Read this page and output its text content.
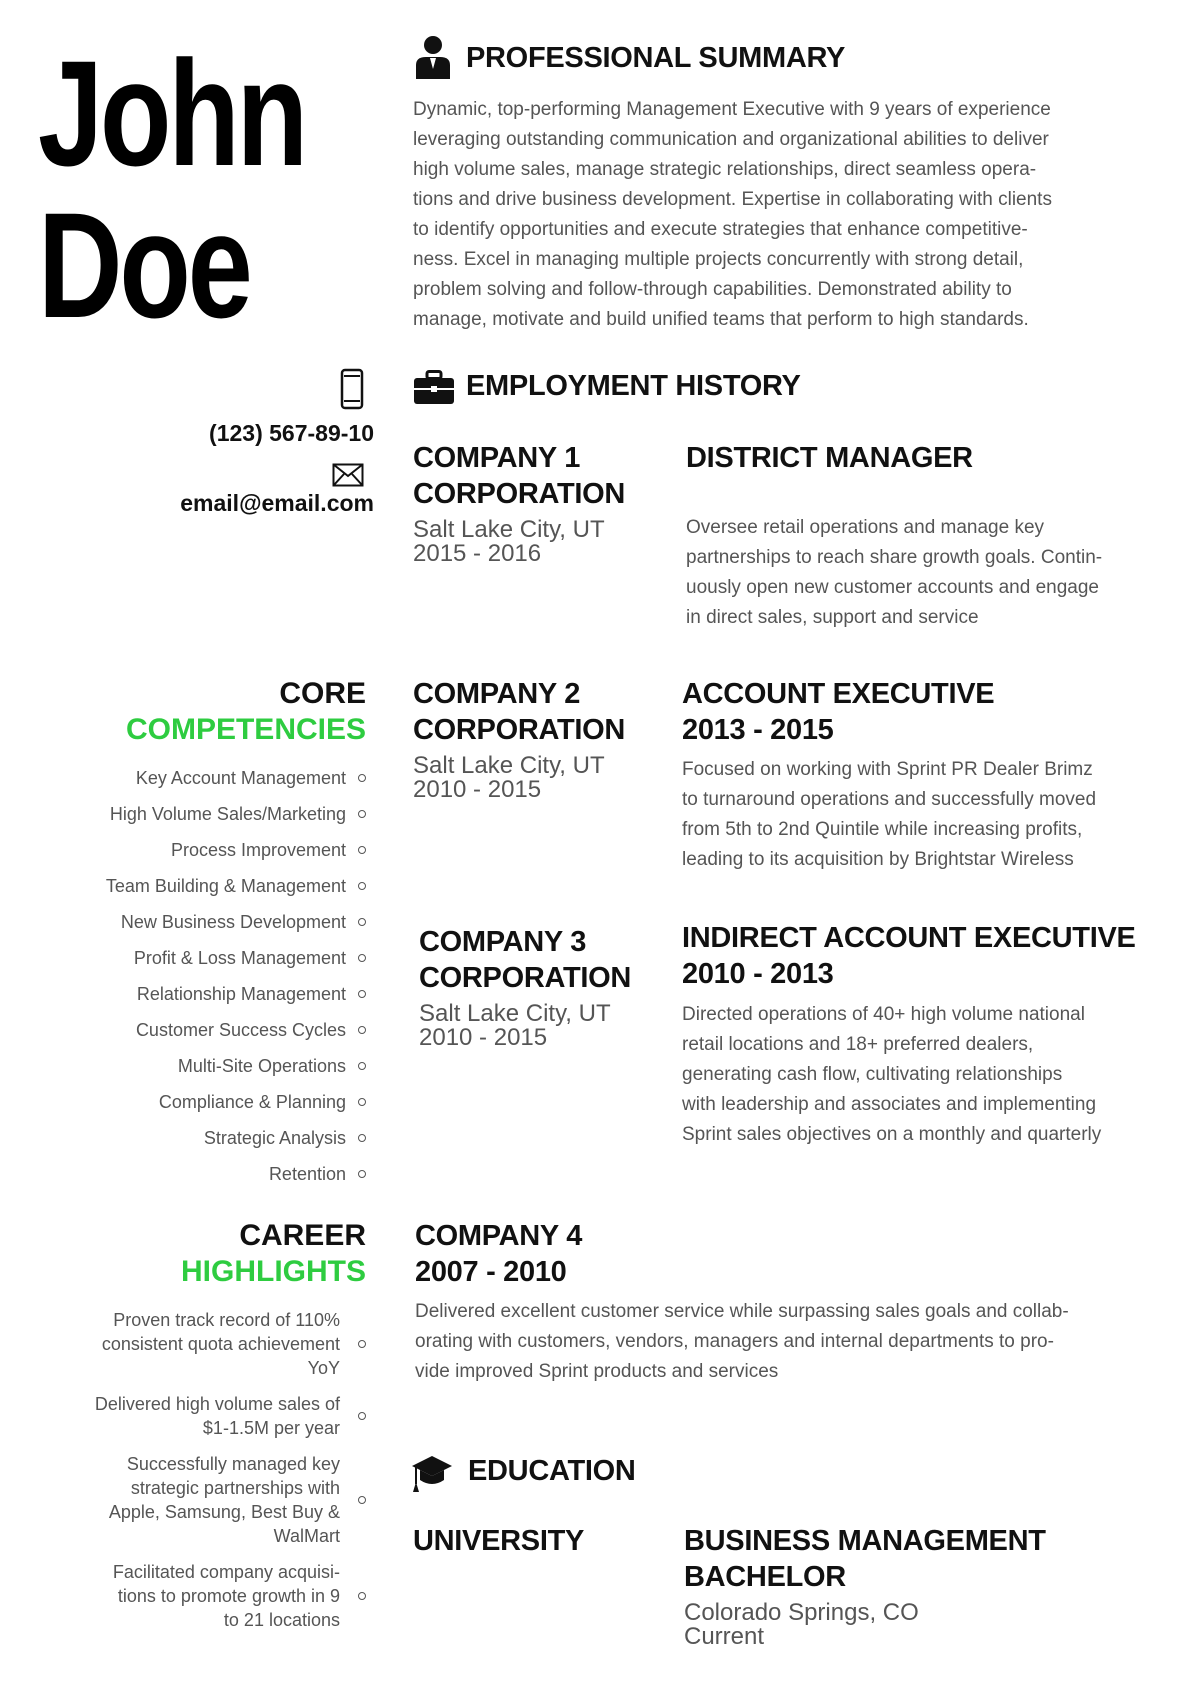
John
Doe
(123) 567-89-10
email@email.com
PROFESSIONAL SUMMARY
Dynamic, top-performing Management Executive with 9 years of experience
leveraging outstanding communication and organizational abilities to deliver
high volume sales, manage strategic relationships, direct seamless opera-
tions and drive business development. Expertise in collaborating with clients
to identify opportunities and execute strategies that enhance competitive-
ness. Excel in managing multiple projects concurrently with strong detail,
problem solving and follow-through capabilities. Demonstrated ability to
manage, motivate and build unified teams that perform to high standards.
EMPLOYMENT HISTORY
COMPANY 1
CORPORATION
Salt Lake City, UT
2015 - 2016
DISTRICT MANAGER
Oversee retail operations and manage key
partnerships to reach share growth goals. Contin-
uously open new customer accounts and engage
in direct sales, support and service
COMPANY 2
CORPORATION
Salt Lake City, UT
2010 - 2015
ACCOUNT EXECUTIVE
2013 - 2015
Focused on working with Sprint PR Dealer Brimz
to turnaround operations and successfully moved
from 5th to 2nd Quintile while increasing profits,
leading to its acquisition by Brightstar Wireless
COMPANY 3
CORPORATION
Salt Lake City, UT
2010 - 2015
INDIRECT ACCOUNT EXECUTIVE
2010 - 2013
Directed operations of 40+ high volume national
retail locations and 18+ preferred dealers,
generating cash flow, cultivating relationships
with leadership and associates and implementing
Sprint sales objectives on a monthly and quarterly
COMPANY 4
2007 - 2010
Delivered excellent customer service while surpassing sales goals and collab-
orating with customers, vendors, managers and internal departments to pro-
vide improved Sprint products and services
CORE
COMPETENCIES
Key Account Management
High Volume Sales/Marketing
Process Improvement
Team Building & Management
New Business Development
Profit & Loss Management
Relationship Management
Customer Success Cycles
Multi-Site Operations
Compliance & Planning
Strategic Analysis
Retention
CAREER
HIGHLIGHTS
Proven track record of 110%
consistent quota achievement
YoY
Delivered high volume sales of
$1-1.5M per year
Successfully managed key
strategic partnerships with
Apple, Samsung, Best Buy &
WalMart
Facilitated company acquisi-
tions to promote growth in 9
to 21 locations
EDUCATION
UNIVERSITY	BUSINESS MANAGEMENT
BACHELOR
Colorado Springs, CO
Current
